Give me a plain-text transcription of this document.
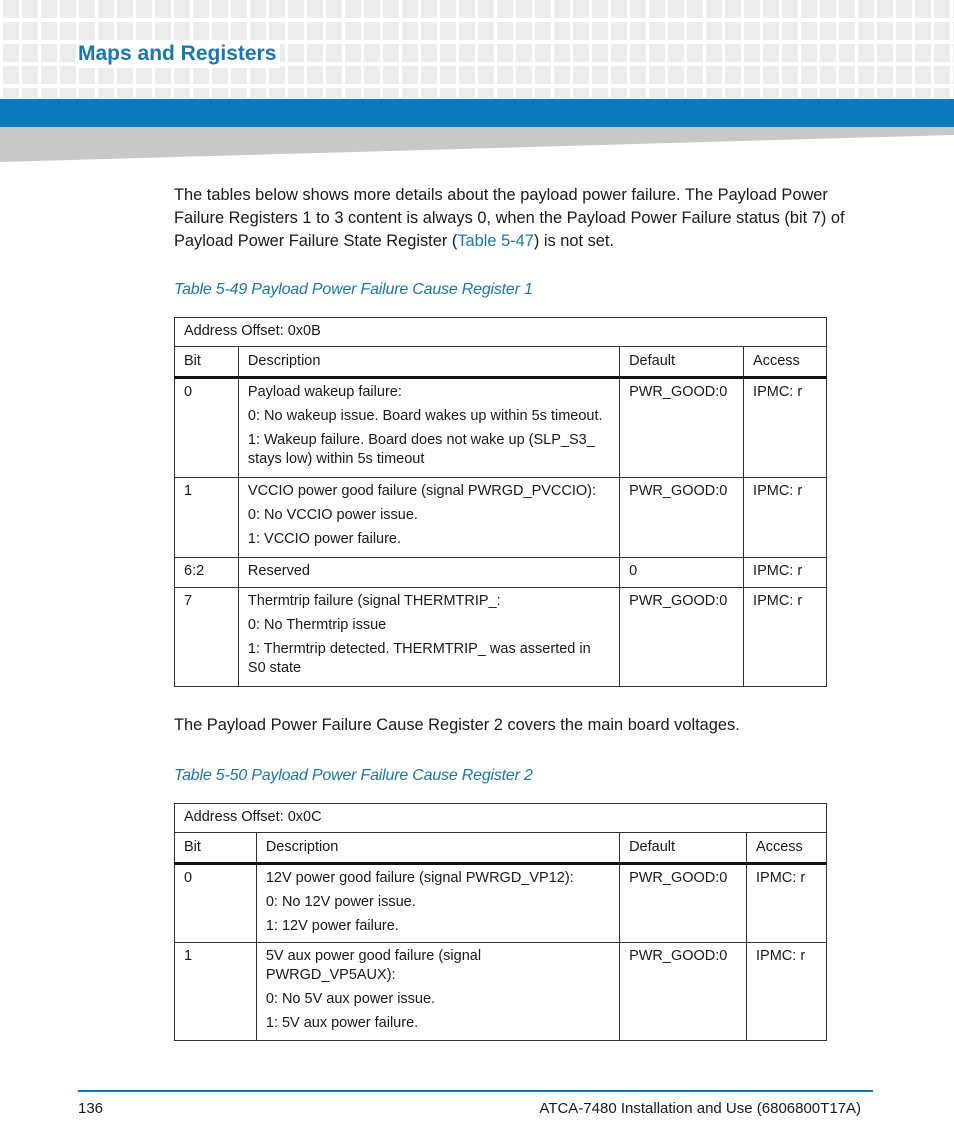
Maps and Registers

The tables below shows more details about the payload power failure. The Payload Power Failure Registers 1 to 3 content is always 0, when the Payload Power Failure status (bit 7) of Payload Power Failure State Register (Table 5-47) is not set.

Table 5-49 Payload Power Failure Cause Register 1

Address Offset: 0x0B			
Bit	Description	Default	Access
0	Payload wakeup failure:
0: No wakeup issue. Board wakes up within 5s timeout.
1: Wakeup failure. Board does not wake up (SLP_S3_ stays low) within 5s timeout	PWR_GOOD:0	IPMC: r
1	VCCIO power good failure (signal PWRGD_PVCCIO):
0: No VCCIO power issue.
1: VCCIO power failure.	PWR_GOOD:0	IPMC: r
6:2	Reserved	0	IPMC: r
7	Thermtrip failure (signal THERMTRIP_:
0: No Thermtrip issue
1: Thermtrip detected. THERMTRIP_ was asserted in S0 state	PWR_GOOD:0	IPMC: r

The Payload Power Failure Cause Register 2 covers the main board voltages.

Table 5-50 Payload Power Failure Cause Register 2

Address Offset: 0x0C			
Bit	Description	Default	Access
0	12V power good failure (signal PWRGD_VP12):
0: No 12V power issue.
1: 12V power failure.	PWR_GOOD:0	IPMC: r
1	5V aux power good failure (signal PWRGD_VP5AUX):
0: No 5V aux power issue.
1: 5V aux power failure.	PWR_GOOD:0	IPMC: r

136	ATCA-7480 Installation and Use (6806800T17A)
